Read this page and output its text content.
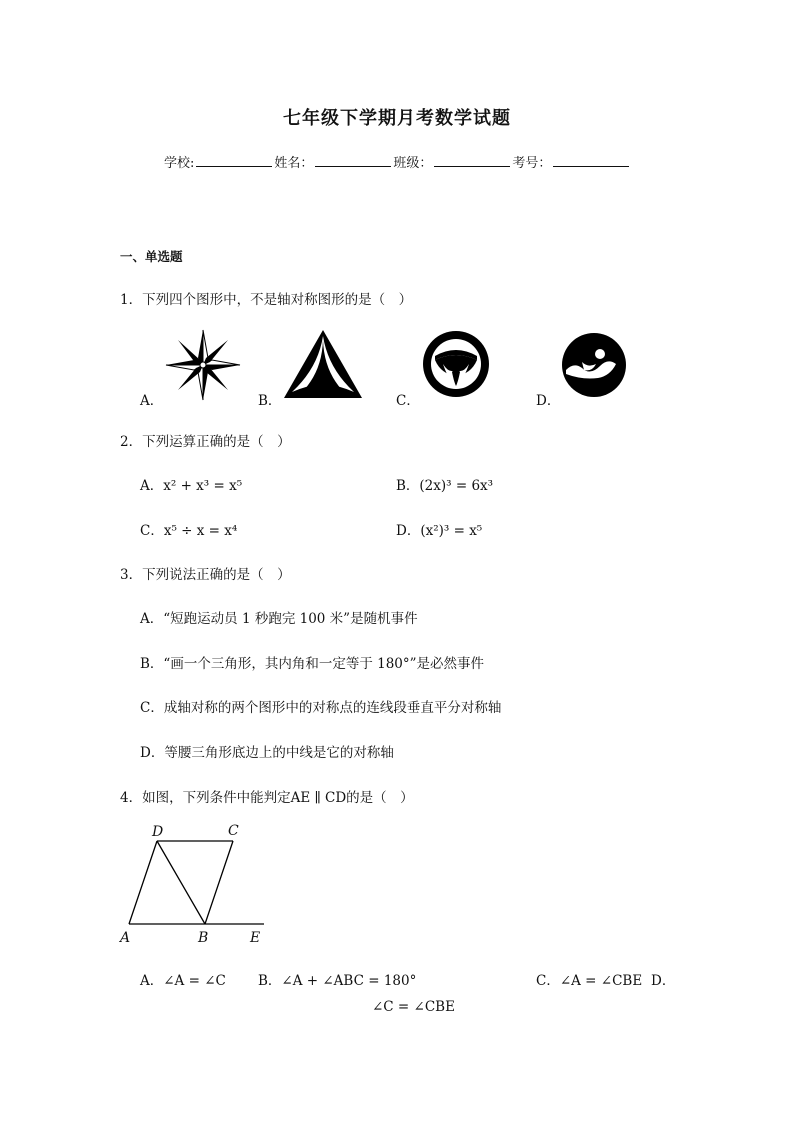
七年级下学期月考数学试题
学校:	姓名：	班级：	考号：
一、单选题
1．下列四个图形中，不是轴对称图形的是（　）
A．	B．	C．	D．
2．下列运算正确的是（　）
A．x² + x³ = x⁵	B．(2x)³ = 6x³
C．x⁵ ÷ x = x⁴	D．(x²)³ = x⁵
3．下列说法正确的是（　）
A．“短跑运动员 1 秒跑完 100 米”是随机事件
B．“画一个三角形，其内角和一定等于 180°”是必然事件
C．成轴对称的两个图形中的对称点的连线段垂直平分对称轴
D．等腰三角形底边上的中线是它的对称轴
4．如图，下列条件中能判定AE ∥ CD的是（　）
D	C
A	B	E
A．∠A = ∠C B．∠A + ∠ABC = 180°	C．∠A = ∠CBE D．
∠C = ∠CBE
